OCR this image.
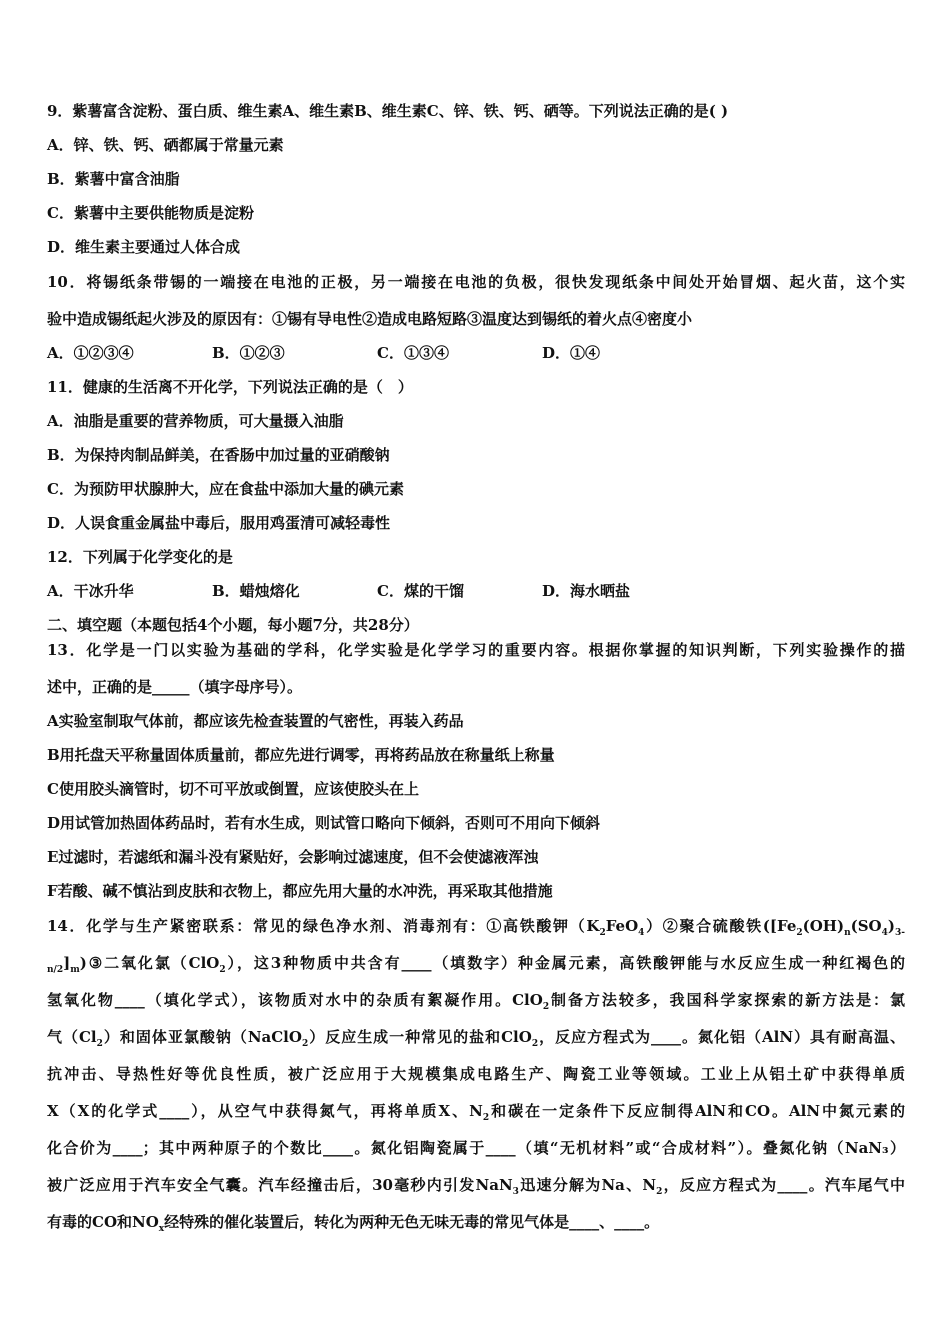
9．紫薯富含淀粉、蛋白质、维生素A、维生素B、维生素C、锌、铁、钙、硒等。下列说法正确的是( )
A．锌、铁、钙、硒都属于常量元素
B．紫薯中富含油脂
C．紫薯中主要供能物质是淀粉
D．维生素主要通过人体合成
10．将锡纸条带锡的一端接在电池的正极，另一端接在电池的负极，很快发现纸条中间处开始冒烟、起火苗，这个实
验中造成锡纸起火涉及的原因有：①锡有导电性②造成电路短路③温度达到锡纸的着火点④密度小
A．①②③④	B．①②③	C．①③④	D．①④
11．健康的生活离不开化学，下列说法正确的是（　）
A．油脂是重要的营养物质，可大量摄入油脂
B．为保持肉制品鲜美，在香肠中加过量的亚硝酸钠
C．为预防甲状腺肿大，应在食盐中添加大量的碘元素
D．人误食重金属盐中毒后，服用鸡蛋清可减轻毒性
12．下列属于化学变化的是
A．干冰升华	B．蜡烛熔化	C．煤的干馏	D．海水晒盐
二、填空题（本题包括4个小题，每小题7分，共28分）
13．化学是一门以实验为基础的学科，化学实验是化学学习的重要内容。根据你掌握的知识判断，下列实验操作的描
述中，正确的是_____（填字母序号）。
A实验室制取气体前，都应该先检查装置的气密性，再装入药品
B用托盘天平称量固体质量前，都应先进行调零，再将药品放在称量纸上称量
C使用胶头滴管时，切不可平放或倒置，应该使胶头在上
D用试管加热固体药品时，若有水生成，则试管口略向下倾斜，否则可不用向下倾斜
E过滤时，若滤纸和漏斗没有紧贴好，会影响过滤速度，但不会使滤液浑浊
F若酸、碱不慎沾到皮肤和衣物上，都应先用大量的水冲洗，再采取其他措施
14．化学与生产紧密联系：常见的绿色净水剂、消毒剂有：①高铁酸钾$(K_2FeO_4)②$聚合硫酸铁([$Fe_2(OH)_n(SO_4)_{3-}$
$_{n/2}]_m)③$二氧化氯（ClO$_2$），这3种物质中共含有____（填数字）种金属元素，高铁酸钾能与水反应生成一种红褐色的
氢氧化物____（填化学式），该物质对水中的杂质有絮凝作用。ClO$_2$制备方法较多，我国科学家探索的新方法是：氯
气$(Cl_2)$和固体亚氯酸钠（NaClO$_2$）反应生成一种常见的盐和ClO$_2$，反应方程式为____。氮化铝（AlN）具有耐高温、
抗冲击、导热性好等优良性质，被广泛应用于大规模集成电路生产、陶瓷工业等领域。工业上从铝土矿中获得单质
X（X的化学式____），从空气中获得氮气，再将单质X、$N_2$和碳在一定条件下反应制得AlN和CO。AlN中氮元素的
化合价为____；其中两种原子的个数比____。氮化铝陶瓷属于____（填“无机材料”或“合成材料”）。叠氮化钠（NaN₃）
被广泛应用于汽车安全气囊。汽车经撞击后，30毫秒内引发NaN$_3$迅速分解为Na、$N_2$，反应方程式为____。汽车尾气中
有毒的CO和$NO_x$经特殊的催化装置后，转化为两种无色无味无毒的常见气体是____、____。
